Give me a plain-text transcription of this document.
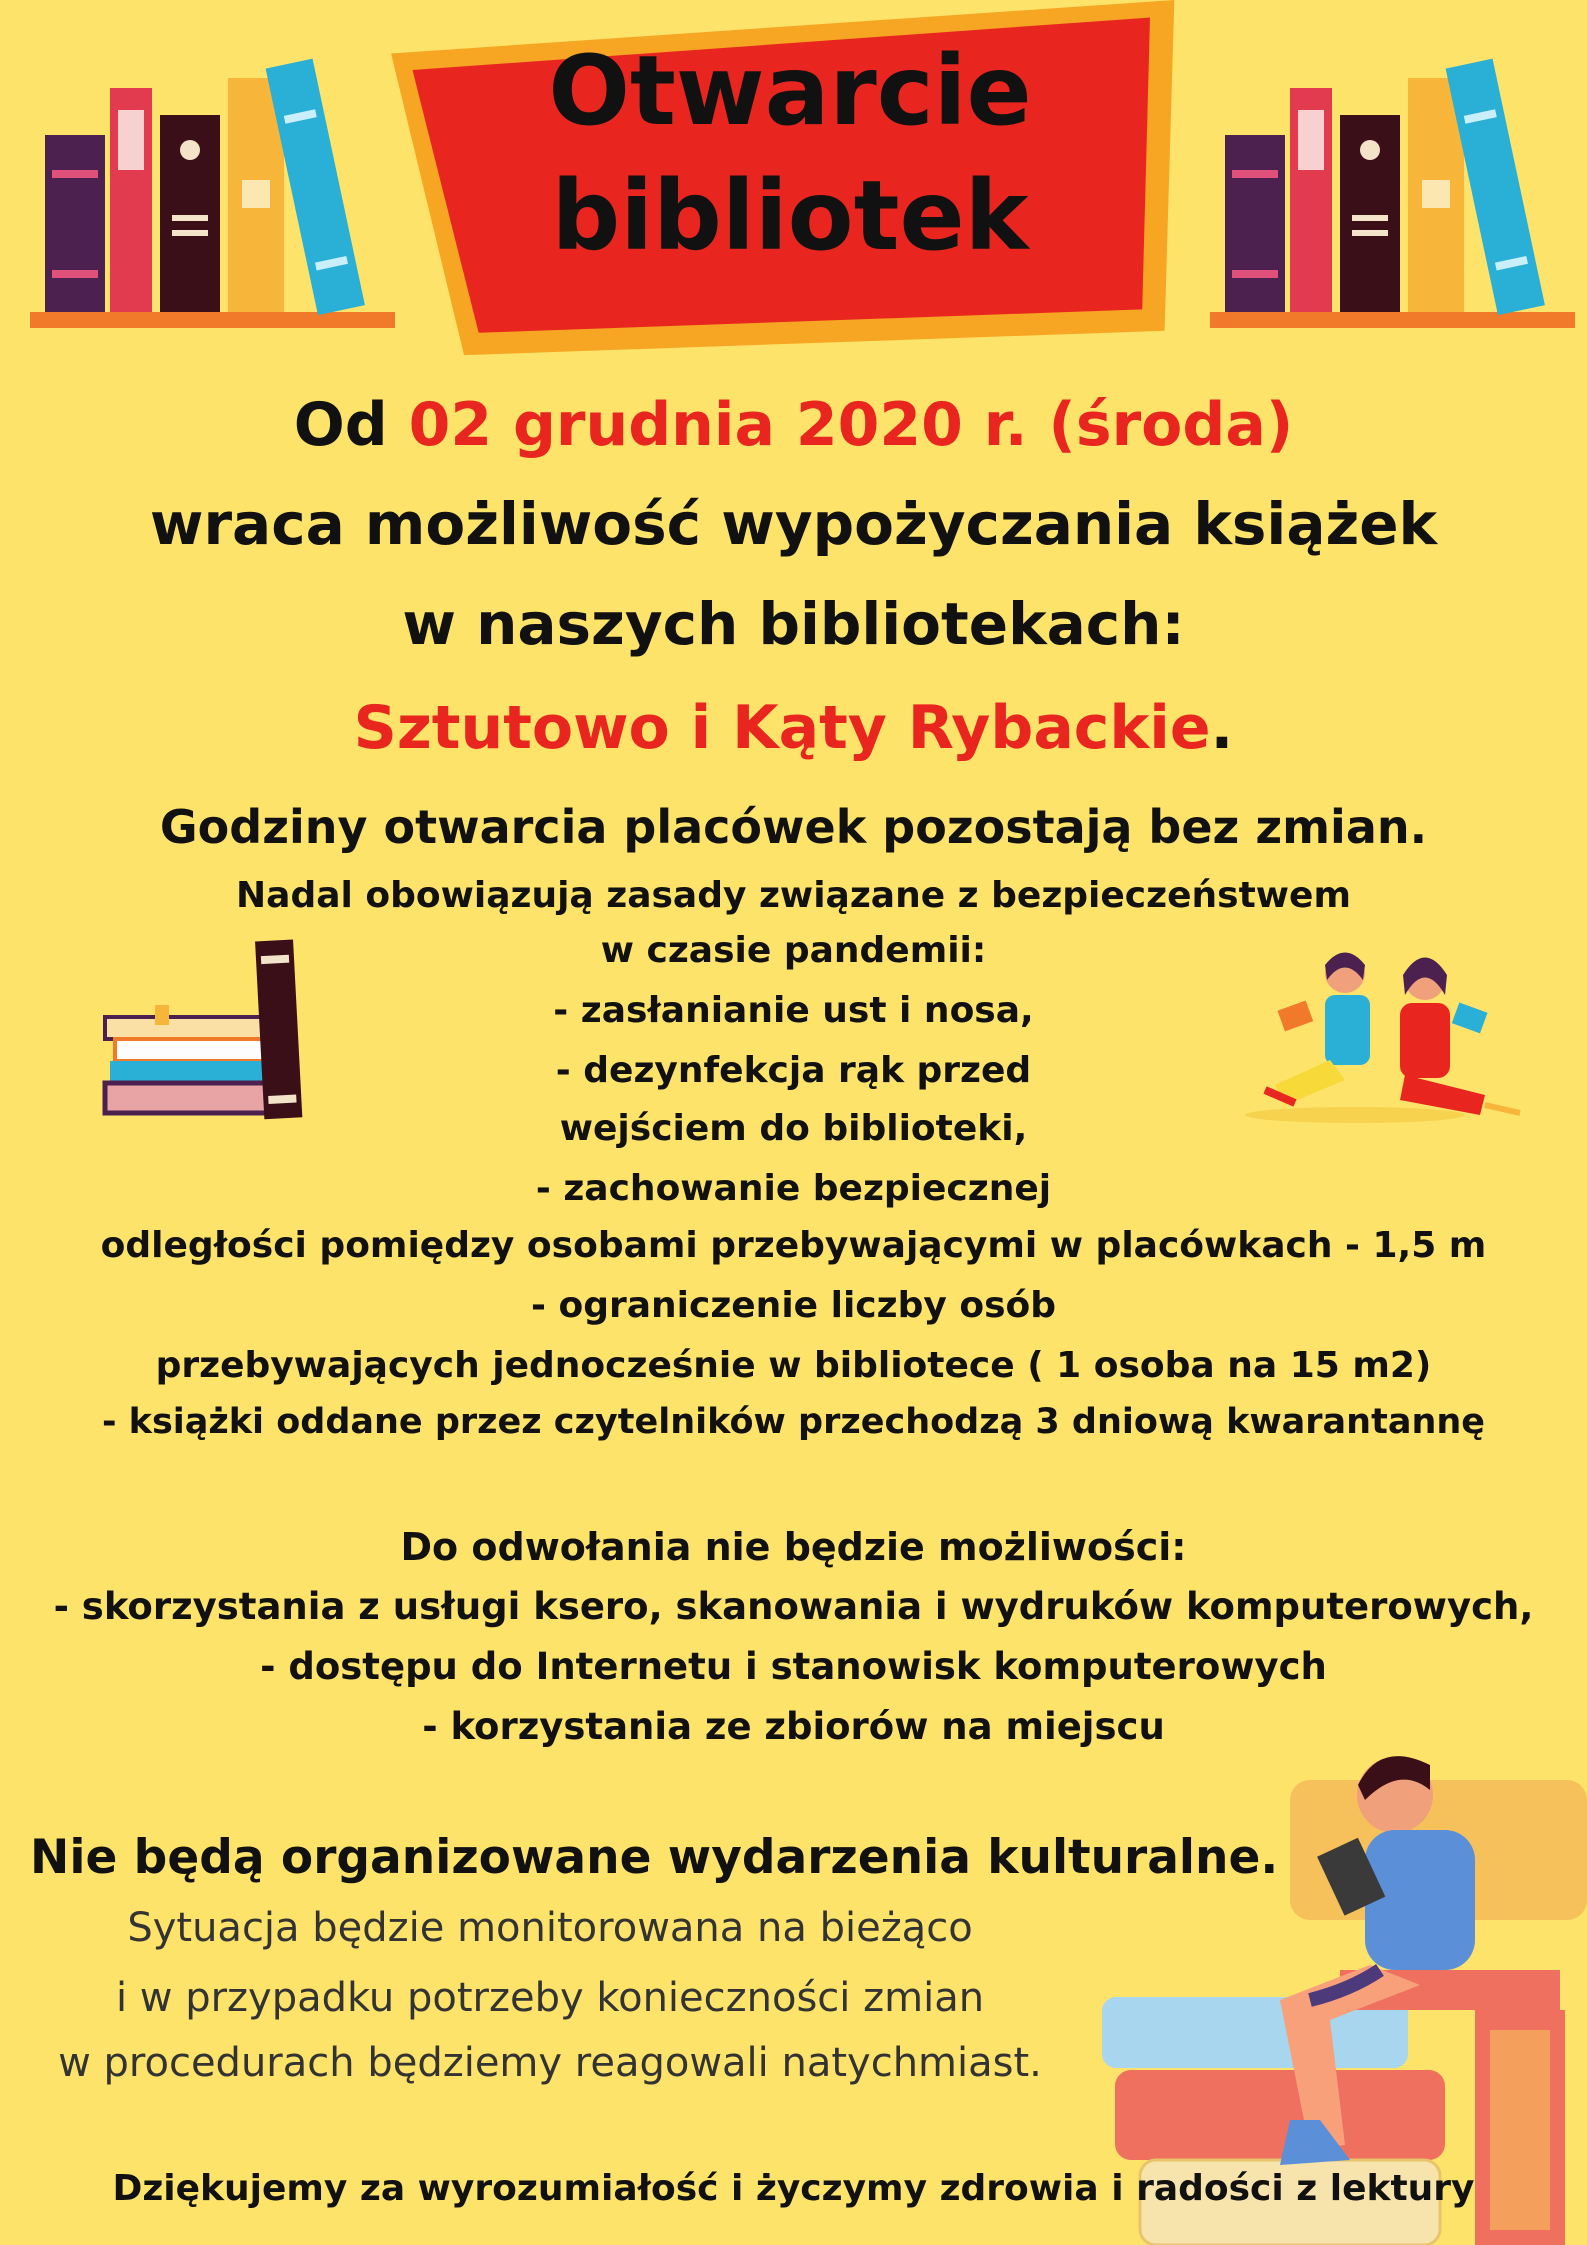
Otwarcie
bibliotek
Od 02 grudnia 2020 r. (środa)
wraca możliwość wypożyczania książek
w naszych bibliotekach:
Sztutowo i Kąty Rybackie.
Godziny otwarcia placówek pozostają bez zmian.
Nadal obowiązują zasady związane z bezpieczeństwem
w czasie pandemii:
- zasłanianie ust i nosa,
- dezynfekcja rąk przed
wejściem do biblioteki,
- zachowanie bezpiecznej
odległości pomiędzy osobami przebywającymi w placówkach - 1,5 m
- ograniczenie liczby osób
przebywających jednocześnie w bibliotece ( 1 osoba na 15 m2)
- książki oddane przez czytelników przechodzą 3 dniową kwarantannę
Do odwołania nie będzie możliwości:
- skorzystania z usługi ksero, skanowania i wydruków komputerowych,
- dostępu do Internetu i stanowisk komputerowych
- korzystania ze zbiorów na miejscu
Nie będą organizowane wydarzenia kulturalne.
Sytuacja będzie monitorowana na bieżąco
i w przypadku potrzeby konieczności zmian
w procedurach będziemy reagowali natychmiast.
Dziękujemy za wyrozumiałość i życzymy zdrowia i radości z lektury
